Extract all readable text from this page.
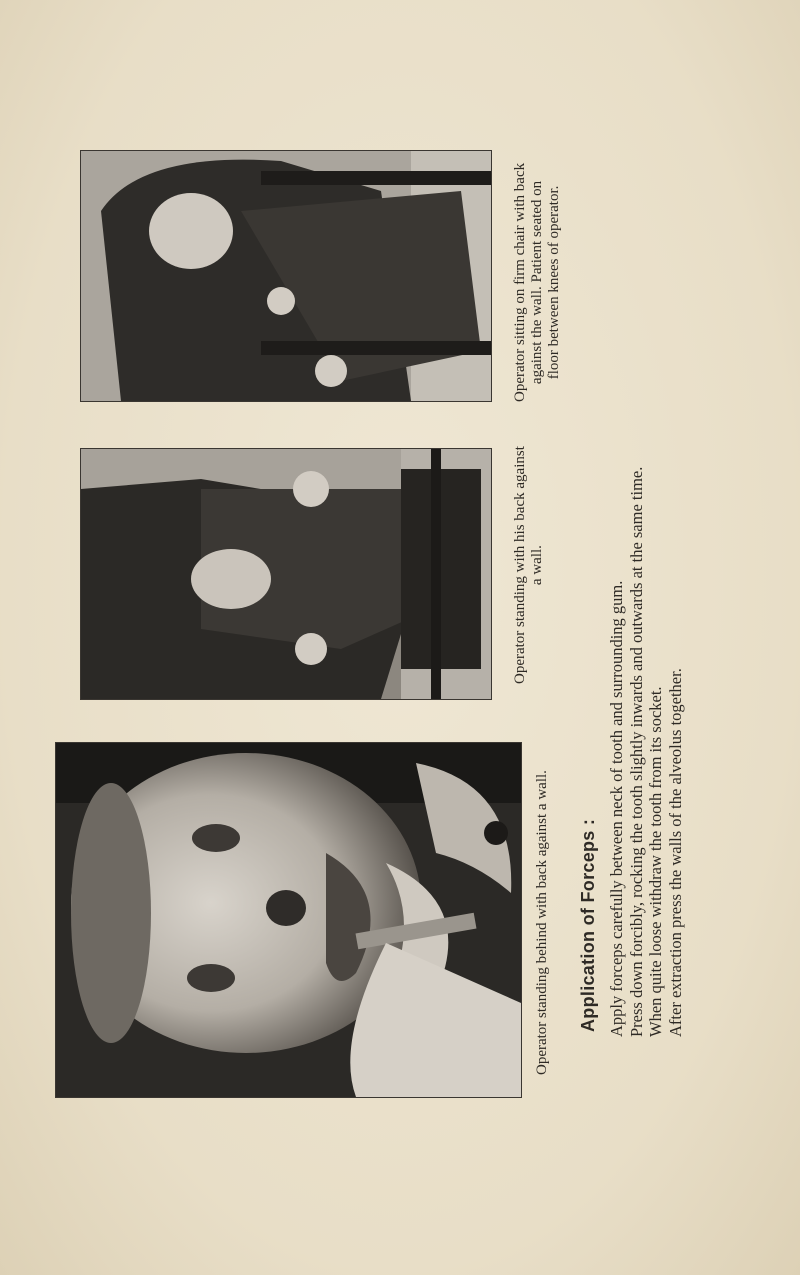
Operator standing behind with back against a wall.
Operator standing with his back against a wall.
Operator sitting on firm chair with back against the wall. Patient seated on floor between knees of operator.
Application of Forceps : Apply forceps carefully between neck of tooth and surrounding gum. Press down forcibly, rocking the tooth slightly inwards and outwards at the same time. When quite loose withdraw the tooth from its socket. After extraction press the walls of the alveolus together.
